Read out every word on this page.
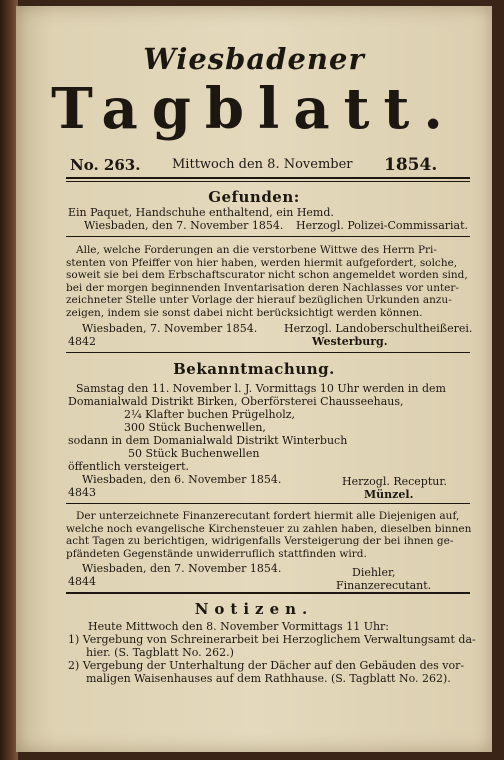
Wiesbadener
Tagblatt.
No. 263. Mittwoch den 8. November 1854.
Gefunden:
Ein Paquet, Handschuhe enthaltend, ein Hemd.
Wiesbaden, den 7. November 1854. Herzogl. Polizei-Commissariat.
Alle, welche Forderungen an die verstorbene Wittwe des Herrn Pri-
stenten von Pfeiffer von hier haben, werden hiermit aufgefordert, solche,
soweit sie bei dem Erbschaftscurator nicht schon angemeldet worden sind,
bei der morgen beginnenden Inventarisation deren Nachlasses vor unter-
zeichneter Stelle unter Vorlage der hierauf bezüglichen Urkunden anzu-
zeigen, indem sie sonst dabei nicht berücksichtigt werden können.
Wiesbaden, 7. November 1854. Herzogl. Landoberschultheißerei.
4842	Westerburg.
Bekanntmachung.
Samstag den 11. November l. J. Vormittags 10 Uhr werden in dem
Domanialwald Distrikt Birken, Oberförsterei Chausseehaus,
2¼ Klafter buchen Prügelholz,
300 Stück Buchenwellen,
sodann in dem Domanialwald Distrikt Winterbuch
50 Stück Buchenwellen
öffentlich versteigert.
Wiesbaden, den 6. November 1854.	Herzogl. Receptur.
4843	Münzel.
Der unterzeichnete Finanzerecutant fordert hiermit alle Diejenigen auf,
welche noch evangelische Kirchensteuer zu zahlen haben, dieselben binnen
acht Tagen zu berichtigen, widrigenfalls Versteigerung der bei ihnen ge-
pfändeten Gegenstände unwiderruflich stattfinden wird.
Wiesbaden, den 7. November 1854.	Diehler,
4844	Finanzerecutant.
Notizen.
Heute Mittwoch den 8. November Vormittags 11 Uhr:
1) Vergebung von Schreinerarbeit bei Herzoglichem Verwaltungsamt da-
hier. (S. Tagblatt No. 262.)
2) Vergebung der Unterhaltung der Dächer auf den Gebäuden des vor-
maligen Waisenhauses auf dem Rathhause. (S. Tagblatt No. 262).
